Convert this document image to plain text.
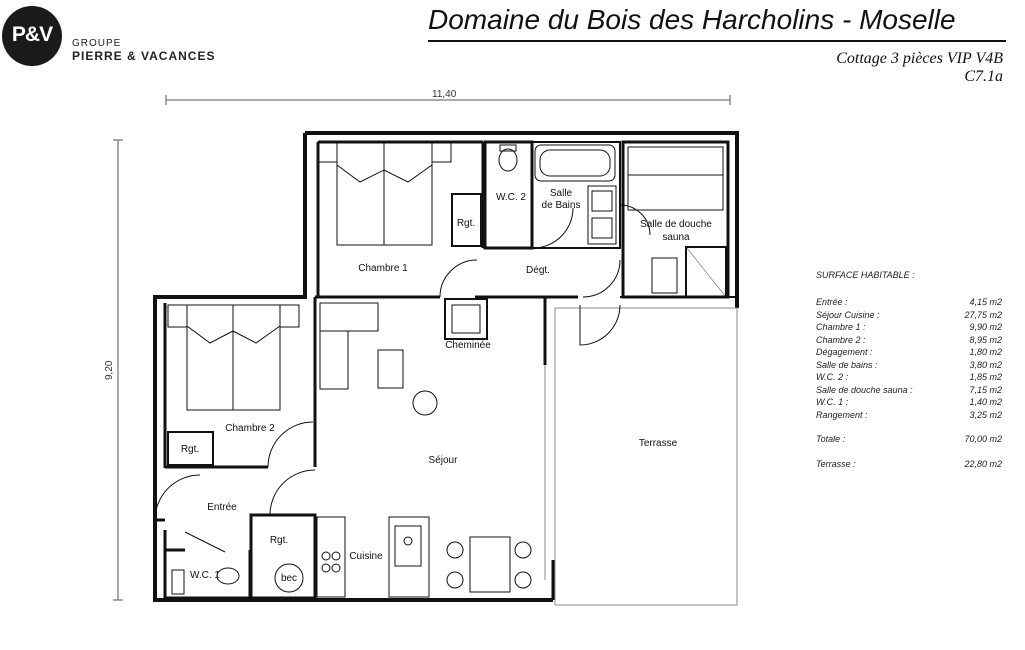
P&V	GROUPE
PIERRE & VACANCES
Domaine du Bois des Harcholins - Moselle
Cottage 3 pièces VIP V4B
C7.1a
11,40
9,20
Chambre 1
Rgt.
W.C. 2 Salle
de Bains
Salle de douche
sauna
Dégt.
Cheminée
Séjour
Terrasse
Chambre 2
Rgt.
Entrée
Rgt.
W.C. 1	bec
Cuisine
SURFACE HABITABLE :
Entrée :	4,15 m2
Séjour Cuisine :	27,75 m2
Chambre 1 :	9,90 m2
Chambre 2 :	8,95 m2
Dégagement :	1,80 m2
Salle de bains :	3,80 m2
W.C. 2 :	1,85 m2
Salle de douche sauna :	7,15 m2
W.C. 1 :	1,40 m2
Rangement :	3,25 m2
Totale :	70,00 m2
Terrasse :	22,80 m2
